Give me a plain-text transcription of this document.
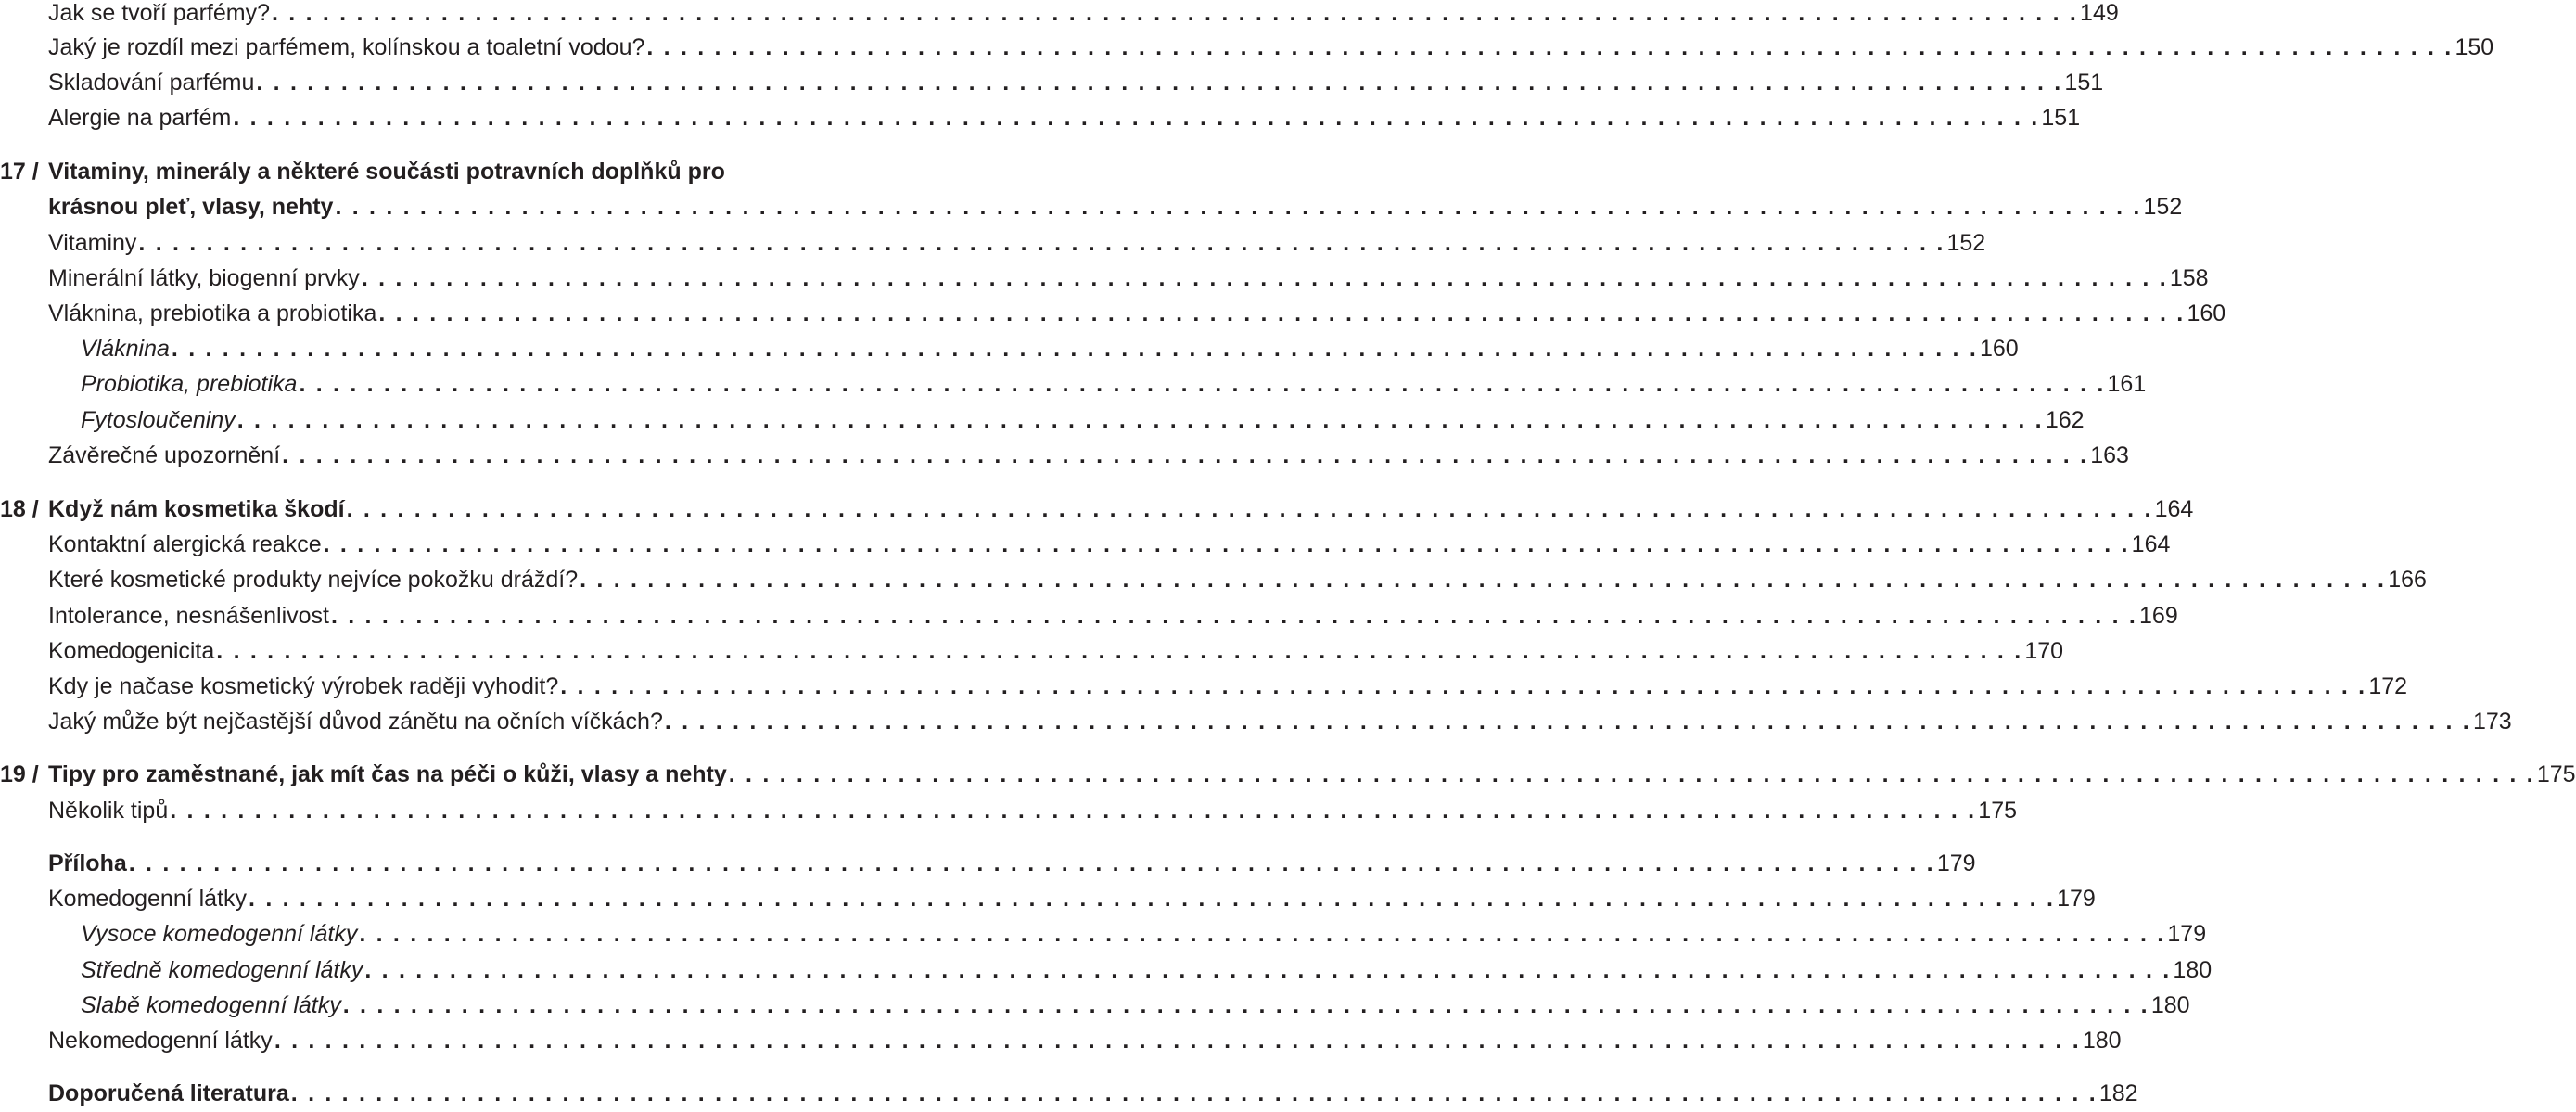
Jak se tvoří parfémy? . . .	149
Jaký je rozdíl mezi parfémem, kolínskou a toaletní vodou? . . .	150
Skladování parfému . . .	151
Alergie na parfém . . .	151
17 / Vitaminy, minerály a některé součásti potravních doplňků pro
krásnou pleť, vlasy, nehty . . .	152
Vitaminy . . .	152
Minerální látky, biogenní prvky . . .	158
Vláknina, prebiotika a probiotika . . .	160
Vláknina . . .	160
Probiotika, prebiotika . . .	161
Fytosloučeniny . . .	162
Závěrečné upozornění . . .	163
18 / Když nám kosmetika škodí . . .	164
Kontaktní alergická reakce . . .	164
Které kosmetické produkty nejvíce pokožku dráždí? . . .	166
Intolerance, nesnášenlivost . . .	169
Komedogenicita . . .	170
Kdy je načase kosmetický výrobek raději vyhodit? . . .	172
Jaký může být nejčastější důvod zánětu na očních víčkách? . . .	173
19 / Tipy pro zaměstnané, jak mít čas na péči o kůži, vlasy a nehty . . .	175
Několik tipů . . .	175
Příloha . . .	179
Komedogenní látky . . .	179
Vysoce komedogenní látky . . .	179
Středně komedogenní látky . . .	180
Slabě komedogenní látky . . .	180
Nekomedogenní látky . . .	180
Doporučená literatura . . .	182
